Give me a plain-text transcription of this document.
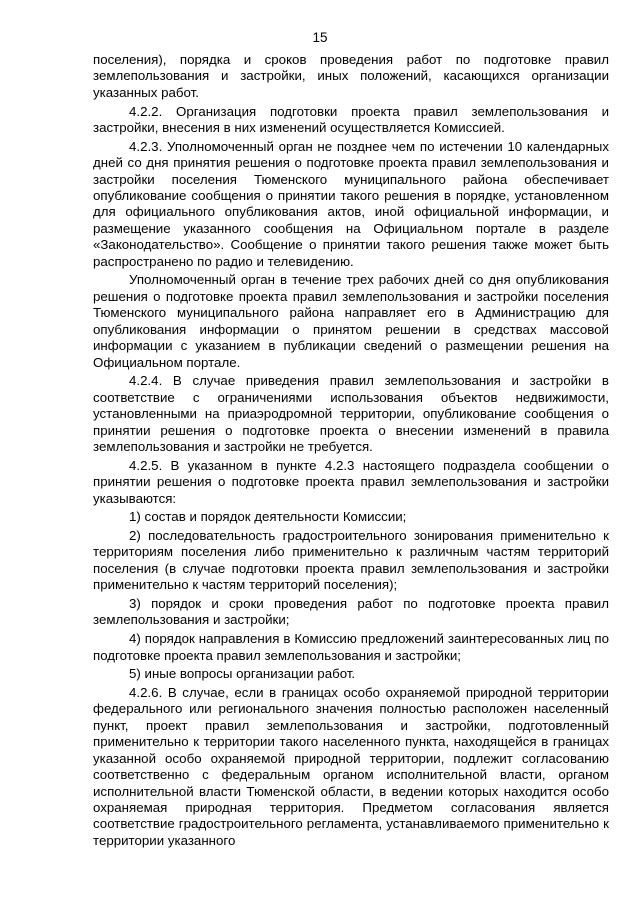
15

поселения), порядка и сроков проведения работ по подготовке правил землепользования и застройки, иных положений, касающихся организации указанных работ.

4.2.2. Организация подготовки проекта правил землепользования и застройки, внесения в них изменений осуществляется Комиссией.

4.2.3. Уполномоченный орган не позднее чем по истечении 10 календарных дней со дня принятия решения о подготовке проекта правил землепользования и застройки поселения Тюменского муниципального района обеспечивает опубликование сообщения о принятии такого решения в порядке, установленном для официального опубликования актов, иной официальной информации, и размещение указанного сообщения на Официальном портале в разделе «Законодательство». Сообщение о принятии такого решения также может быть распространено по радио и телевидению.

Уполномоченный орган в течение трех рабочих дней со дня опубликования решения о подготовке проекта правил землепользования и застройки поселения Тюменского муниципального района направляет его в Администрацию для опубликования информации о принятом решении в средствах массовой информации с указанием в публикации сведений о размещении решения на Официальном портале.

4.2.4. В случае приведения правил землепользования и застройки в соответствие с ограничениями использования объектов недвижимости, установленными на приаэродромной территории, опубликование сообщения о принятии решения о подготовке проекта о внесении изменений в правила землепользования и застройки не требуется.

4.2.5. В указанном в пункте 4.2.3 настоящего подраздела сообщении о принятии решения о подготовке проекта правил землепользования и застройки указываются:

1) состав и порядок деятельности Комиссии;

2) последовательность градостроительного зонирования применительно к территориям поселения либо применительно к различным частям территорий поселения (в случае подготовки проекта правил землепользования и застройки применительно к частям территорий поселения);

3) порядок и сроки проведения работ по подготовке проекта правил землепользования и застройки;

4) порядок направления в Комиссию предложений заинтересованных лиц по подготовке проекта правил землепользования и застройки;

5) иные вопросы организации работ.

4.2.6. В случае, если в границах особо охраняемой природной территории федерального или регионального значения полностью расположен населенный пункт, проект правил землепользования и застройки, подготовленный применительно к территории такого населенного пункта, находящейся в границах указанной особо охраняемой природной территории, подлежит согласованию соответственно с федеральным органом исполнительной власти, органом исполнительной власти Тюменской области, в ведении которых находится особо охраняемая природная территория. Предметом согласования является соответствие градостроительного регламента, устанавливаемого применительно к территории указанного
